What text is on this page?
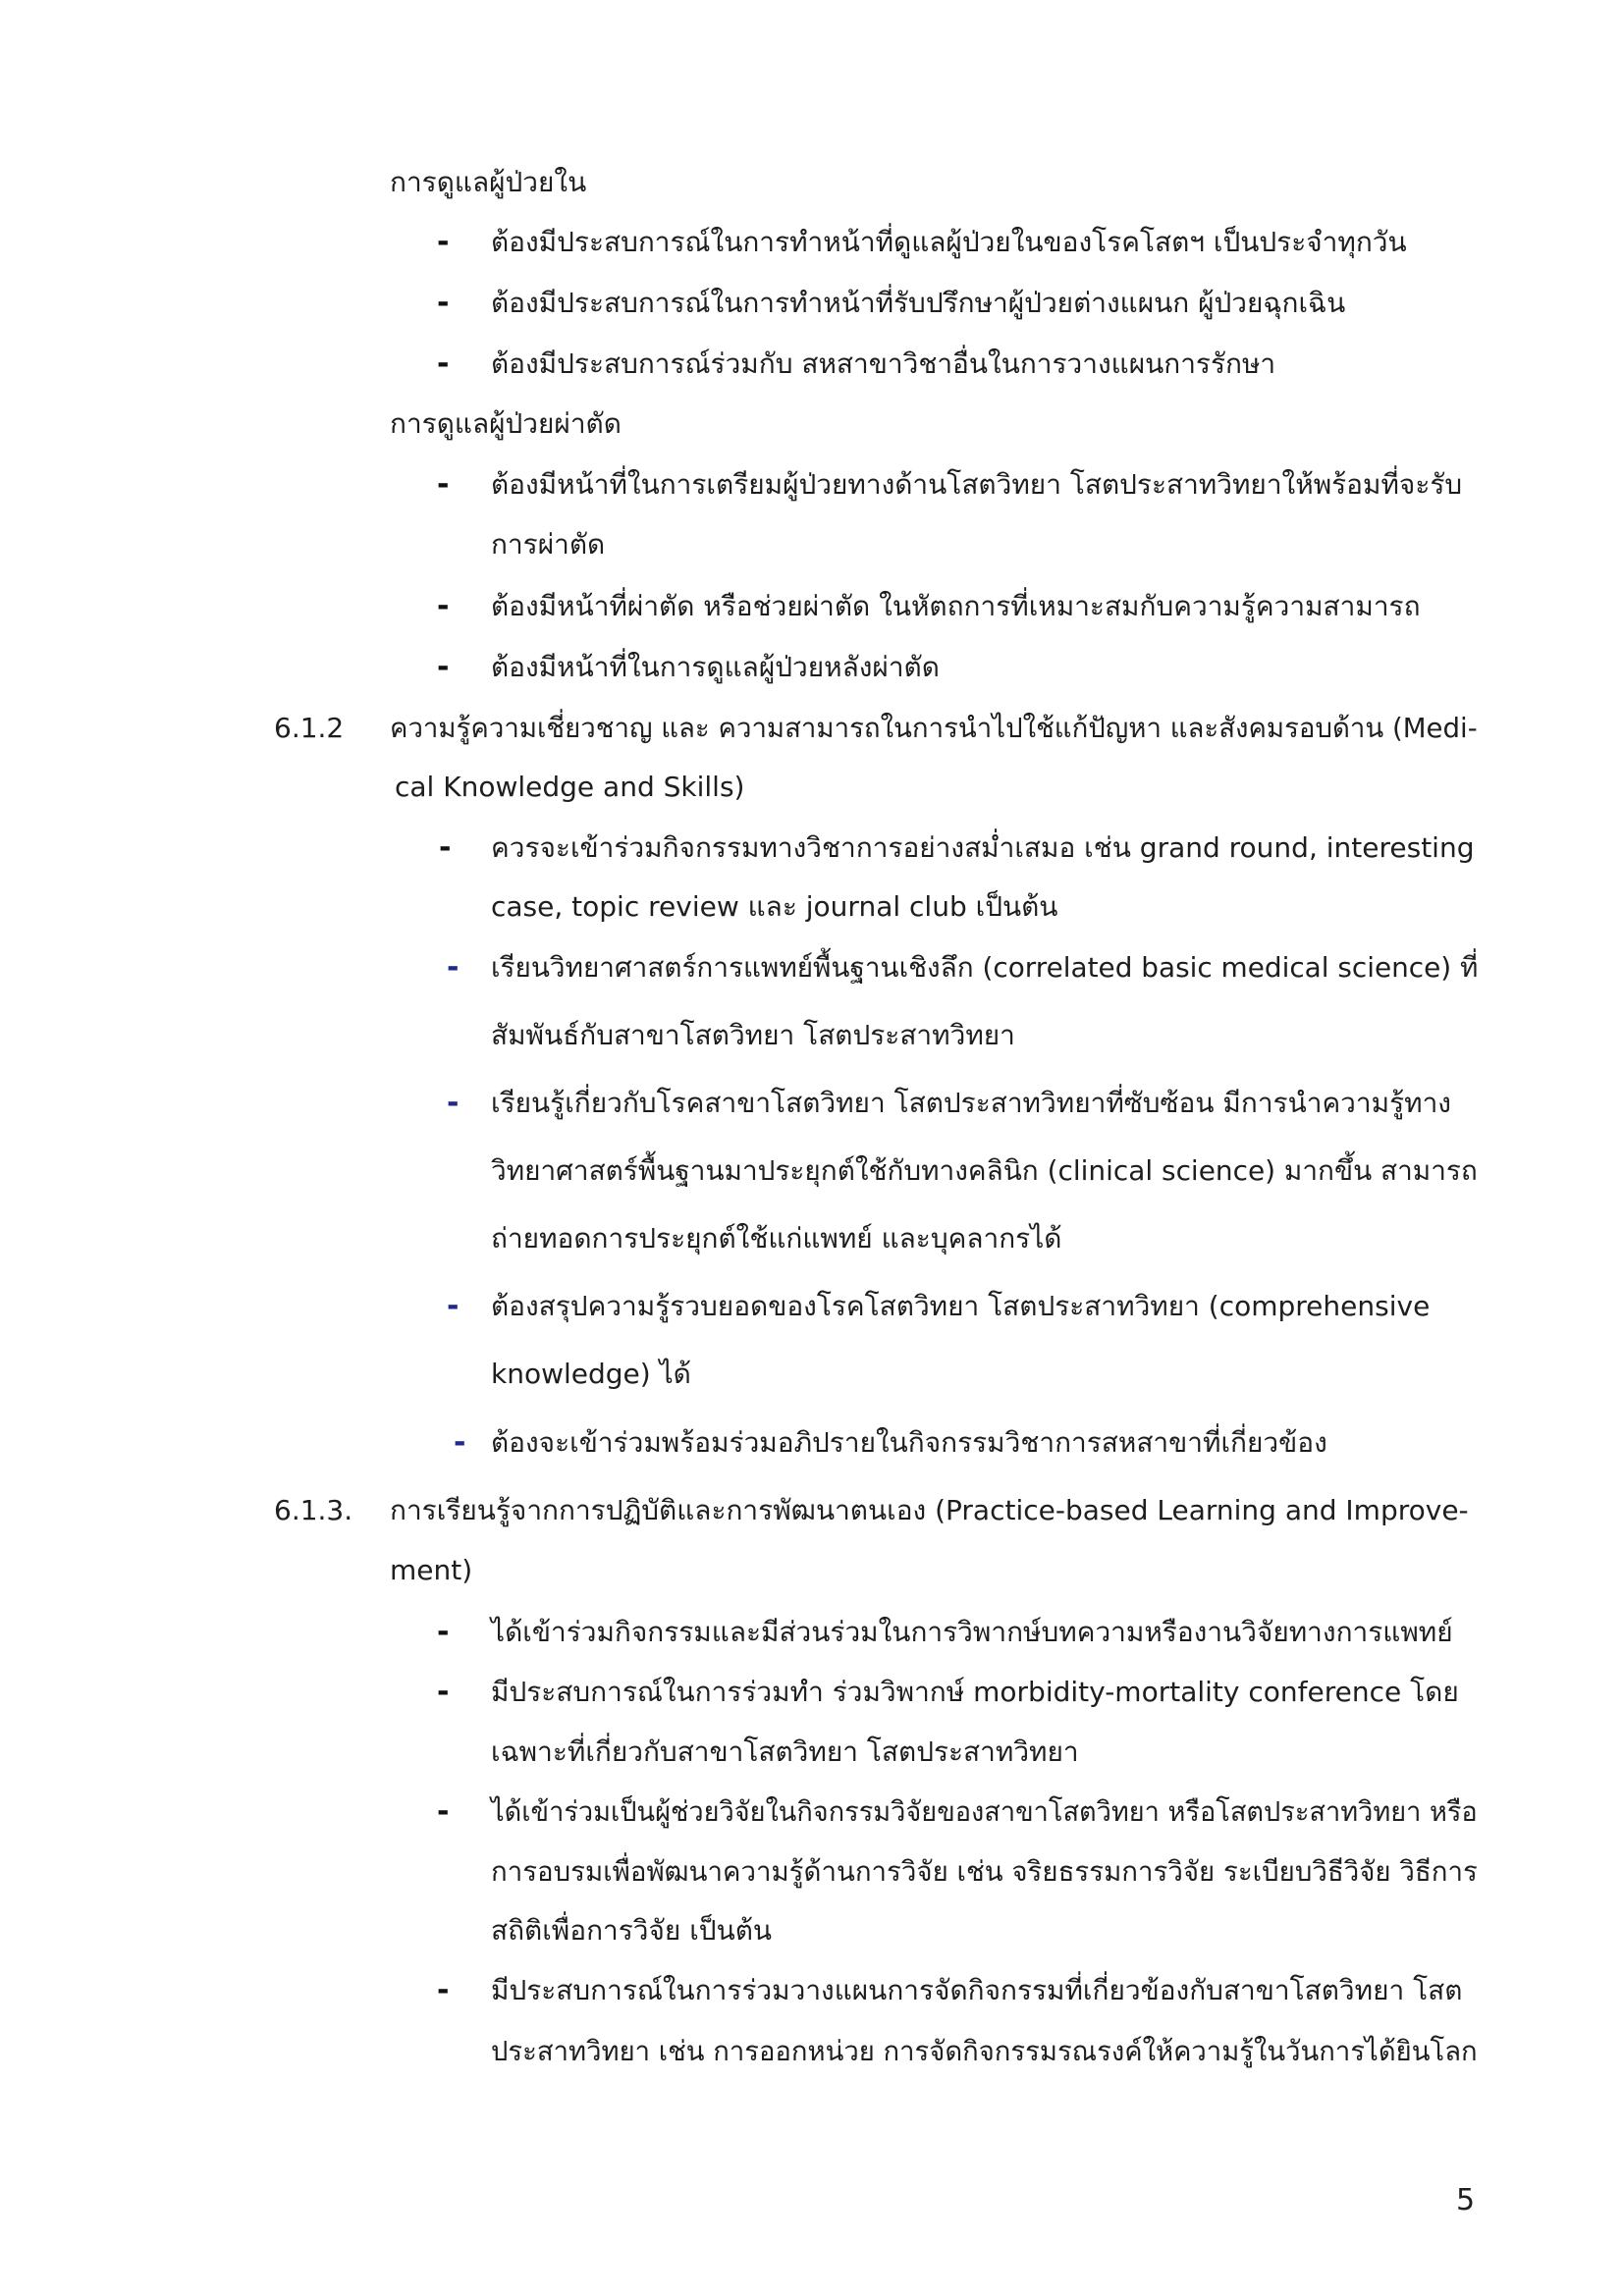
การดูแลผู้ป่วยใน
- ต้องมีประสบการณ์ในการทำหน้าที่ดูแลผู้ป่วยในของโรคโสตฯ เป็นประจำทุกวัน
- ต้องมีประสบการณ์ในการทำหน้าที่รับปรึกษาผู้ป่วยต่างแผนก ผู้ป่วยฉุกเฉิน
- ต้องมีประสบการณ์ร่วมกับ สหสาขาวิชาอื่นในการวางแผนการรักษา
การดูแลผู้ป่วยผ่าตัด
- ต้องมีหน้าที่ในการเตรียมผู้ป่วยทางด้านโสตวิทยา โสตประสาทวิทยาให้พร้อมที่จะรับ
การผ่าตัด
- ต้องมีหน้าที่ผ่าตัด หรือช่วยผ่าตัด ในหัตถการที่เหมาะสมกับความรู้ความสามารถ
- ต้องมีหน้าที่ในการดูแลผู้ป่วยหลังผ่าตัด
6.1.2 ความรู้ความเชี่ยวชาญ และ ความสามารถในการนำไปใช้แก้ปัญหา และสังคมรอบด้าน (Medi-
cal Knowledge and Skills)
- ควรจะเข้าร่วมกิจกรรมทางวิชาการอย่างสม่ำเสมอ เช่น grand round, interesting
case, topic review และ journal club เป็นต้น
- เรียนวิทยาศาสตร์การแพทย์พื้นฐานเชิงลึก (correlated basic medical science) ที่
สัมพันธ์กับสาขาโสตวิทยา โสตประสาทวิทยา
- เรียนรู้เกี่ยวกับโรคสาขาโสตวิทยา โสตประสาทวิทยาที่ซับซ้อน มีการนำความรู้ทาง
วิทยาศาสตร์พื้นฐานมาประยุกต์ใช้กับทางคลินิก (clinical science) มากขึ้น สามารถ
ถ่ายทอดการประยุกต์ใช้แก่แพทย์ และบุคลากรได้
- ต้องสรุปความรู้รวบยอดของโรคโสตวิทยา โสตประสาทวิทยา (comprehensive
knowledge) ได้
- ต้องจะเข้าร่วมพร้อมร่วมอภิปรายในกิจกรรมวิชาการสหสาขาที่เกี่ยวข้อง
6.1.3. การเรียนรู้จากการปฏิบัติและการพัฒนาตนเอง (Practice-based Learning and Improve-
ment)
- ได้เข้าร่วมกิจกรรมและมีส่วนร่วมในการวิพากษ์บทความหรืองานวิจัยทางการแพทย์
- มีประสบการณ์ในการร่วมทำ ร่วมวิพากษ์ morbidity-mortality conference โดย
เฉพาะที่เกี่ยวกับสาขาโสตวิทยา โสตประสาทวิทยา
- ได้เข้าร่วมเป็นผู้ช่วยวิจัยในกิจกรรมวิจัยของสาขาโสตวิทยา หรือโสตประสาทวิทยา หรือ
การอบรมเพื่อพัฒนาความรู้ด้านการวิจัย เช่น จริยธรรมการวิจัย ระเบียบวิธีวิจัย วิธีการ
สถิติเพื่อการวิจัย เป็นต้น
- มีประสบการณ์ในการร่วมวางแผนการจัดกิจกรรมที่เกี่ยวข้องกับสาขาโสตวิทยา โสต
ประสาทวิทยา เช่น การออกหน่วย การจัดกิจกรรมรณรงค์ให้ความรู้ในวันการได้ยินโลก
5
